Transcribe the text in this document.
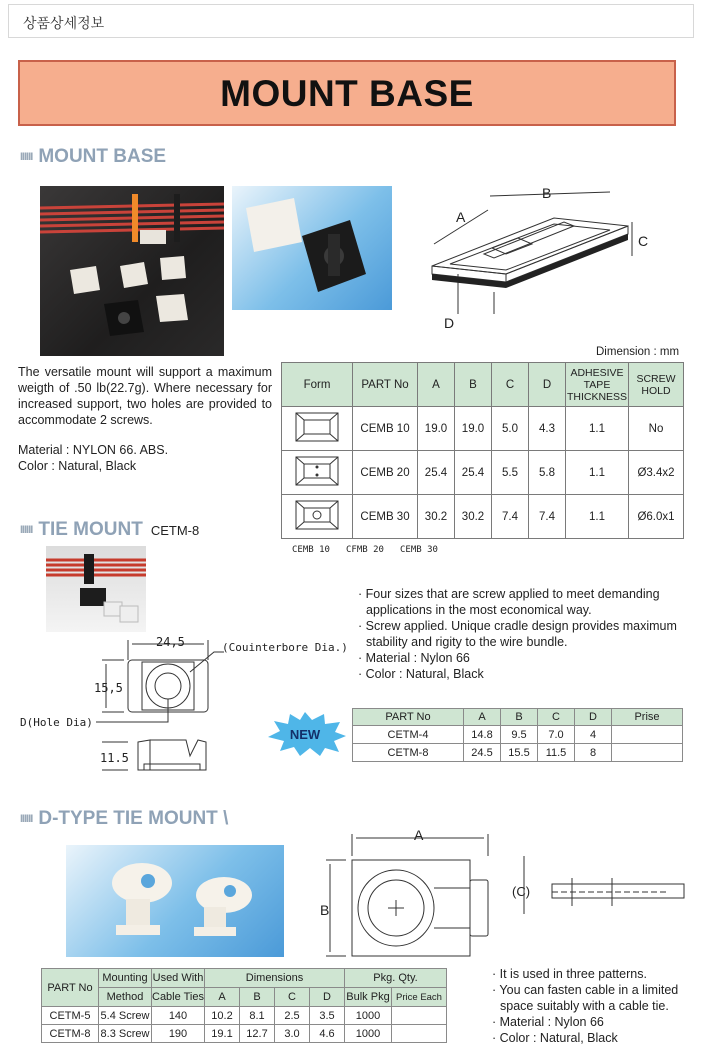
상품상세정보
MOUNT BASE
IIIIII MOUNT BASE
B
A
C
D
Dimension : mm
The versatile mount will support a maximum weigth of .50 lb(22.7g). Where necessary for increased support, two holes are provided to accommodate 2 screws.
Material : NYLON 66. ABS.
Color : Natural, Black
Form	PART No	A	B	C	D	ADHESIVE TAPE THICKNESS	SCREW HOLD
	CEMB 10	19.0	19.0	5.0	4.3	1.1	No
	CEMB 20	25.4	25.4	5.5	5.8	1.1	Ø3.4x2
	CEMB 30	30.2	30.2	7.4	7.4	1.1	Ø6.0x1
CEMB 10 CFMB 20 CEMB 30
IIIIII TIE MOUNT CETM-8
24,5
15,5
(Couinterbore Dia.)
D(Hole Dia)
11.5
· Four sizes that are screw applied to meet demanding applications in the most economical way.
· Screw applied. Unique cradle design provides maximum stability and rigity to the wire bundle.
· Material : Nylon 66
· Color : Natural, Black
NEW
PART No	A	B	C	D	Prise
CETM-4	14.8	9.5	7.0	4	
CETM-8	24.5	15.5	11.5	8	
IIIIII D-TYPE TIE MOUNT \
A
B
(C)
PART No	Mounting	Used With	Dimensions				Pkg. Qty.	
	Method	Cable Ties	A	B	C	D	Bulk Pkg	Price Each
CETM-5	5.4 Screw	140	10.2	8.1	2.5	3.5	1000	
CETM-8	8.3 Screw	190	19.1	12.7	3.0	4.6	1000	
· It is used in three patterns.
· You can fasten cable in a limited space suitably with a cable tie.
· Material : Nylon 66
· Color : Natural, Black
